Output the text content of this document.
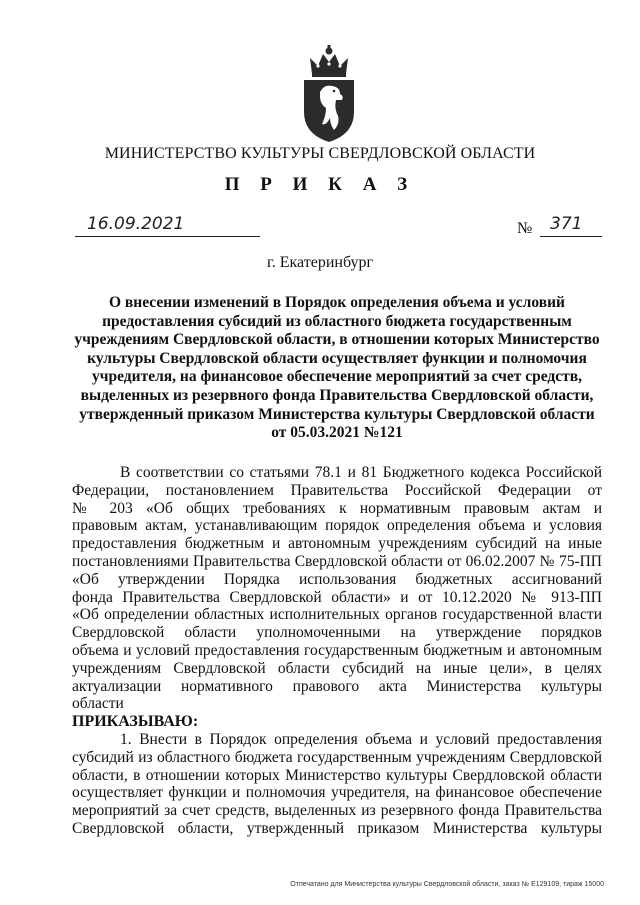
МИНИСТЕРСТВО КУЛЬТУРЫ СВЕРДЛОВСКОЙ ОБЛАСТИ
П Р И К А З
16.09.2021	№ 371
г. Екатеринбург
О внесении изменений в Порядок определения объема и условий
предоставления субсидий из областного бюджета государственным
учреждениям Свердловской области, в отношении которых Министерство
культуры Свердловской области осуществляет функции и полномочия
учредителя, на финансовое обеспечение мероприятий за счет средств,
выделенных из резервного фонда Правительства Свердловской области,
утвержденный приказом Министерства культуры Свердловской области
от 05.03.2021 №121
В соответствии со статьями 78.1 и 81 Бюджетного кодекса Российской
Федерации, постановлением Правительства Российской Федерации от
№ 203 «Об общих требованиях к нормативным правовым актам и
правовым актам, устанавливающим порядок определения объема и условия
предоставления бюджетным и автономным учреждениям субсидий на иные
постановлениями Правительства Свердловской области от 06.02.2007 № 75-ПП
«Об утверждении Порядка использования бюджетных ассигнований
фонда Правительства Свердловской области» и от 10.12.2020 № 913-ПП
«Об определении областных исполнительных органов государственной власти
Свердловской области уполномоченными на утверждение порядков
объема и условий предоставления государственным бюджетным и автономным
учреждениям Свердловской области субсидий на иные цели», в целях
актуализации нормативного правового акта Министерства культуры
области
ПРИКАЗЫВАЮ:
1. Внести в Порядок определения объема и условий предоставления
субсидий из областного бюджета государственным учреждениям Свердловской
области, в отношении которых Министерство культуры Свердловской области
осуществляет функции и полномочия учредителя, на финансовое обеспечение
мероприятий за счет средств, выделенных из резервного фонда Правительства
Свердловской области, утвержденный приказом Министерства культуры
Отпечатано для Министерства культуры Свердловской области, заказ № Е129109, тираж 15000
